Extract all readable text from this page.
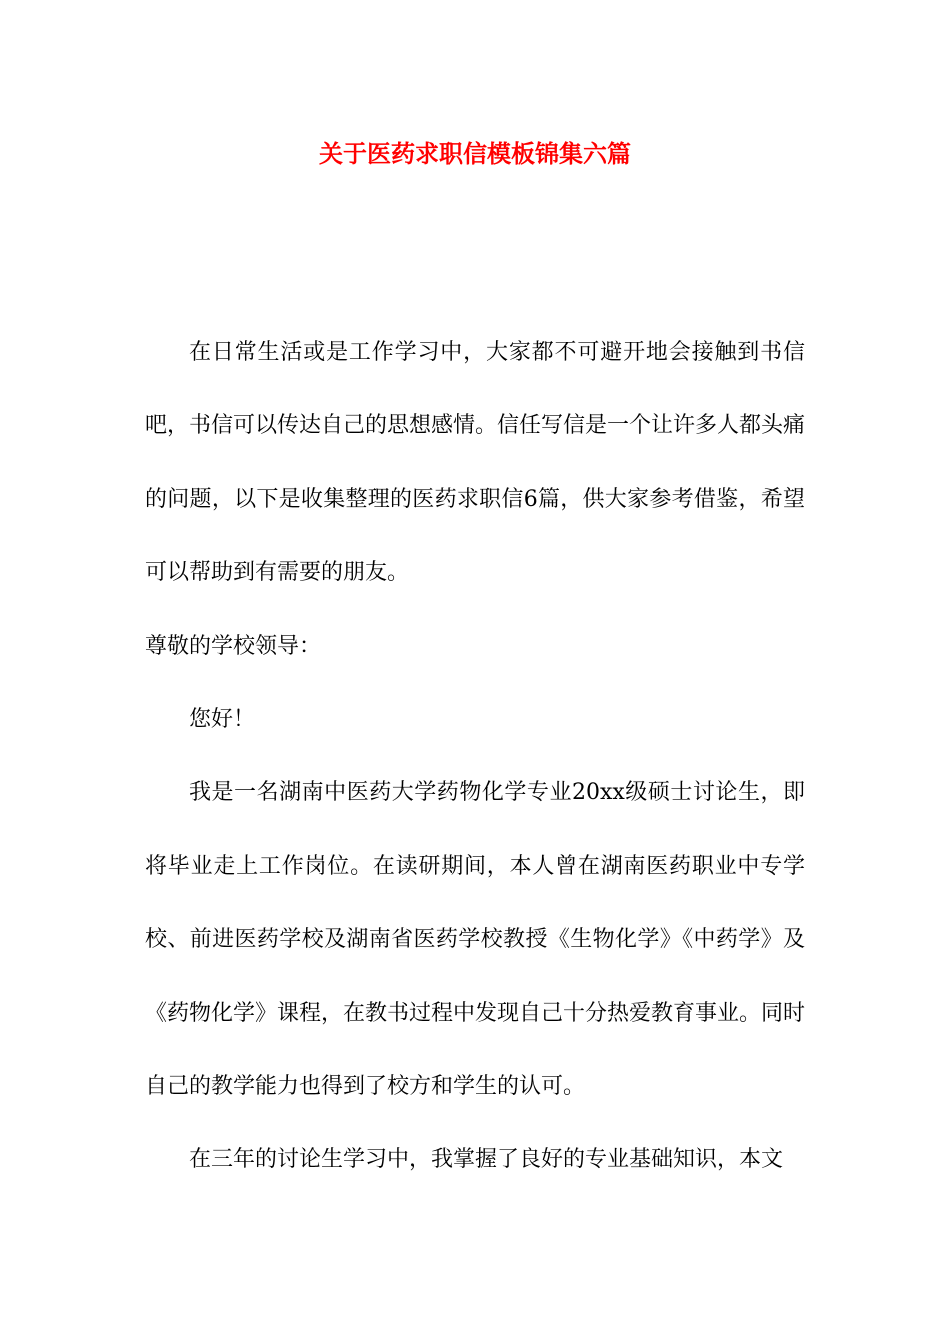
关于医药求职信模板锦集六篇

在日常生活或是工作学习中，大家都不可避开地会接触到书信吧，书信可以传达自己的思想感情。信任写信是一个让许多人都头痛的问题，以下是收集整理的医药求职信6篇，供大家参考借鉴，希望可以帮助到有需要的朋友。

尊敬的学校领导：

您好！

我是一名湖南中医药大学药物化学专业20xx级硕士讨论生，即将毕业走上工作岗位。在读研期间，本人曾在湖南医药职业中专学校、前进医药学校及湖南省医药学校教授《生物化学》《中药学》及《药物化学》课程，在教书过程中发现自己十分热爱教育事业。同时自己的教学能力也得到了校方和学生的认可。

在三年的讨论生学习中，我掌握了良好的专业基础知识，本文
